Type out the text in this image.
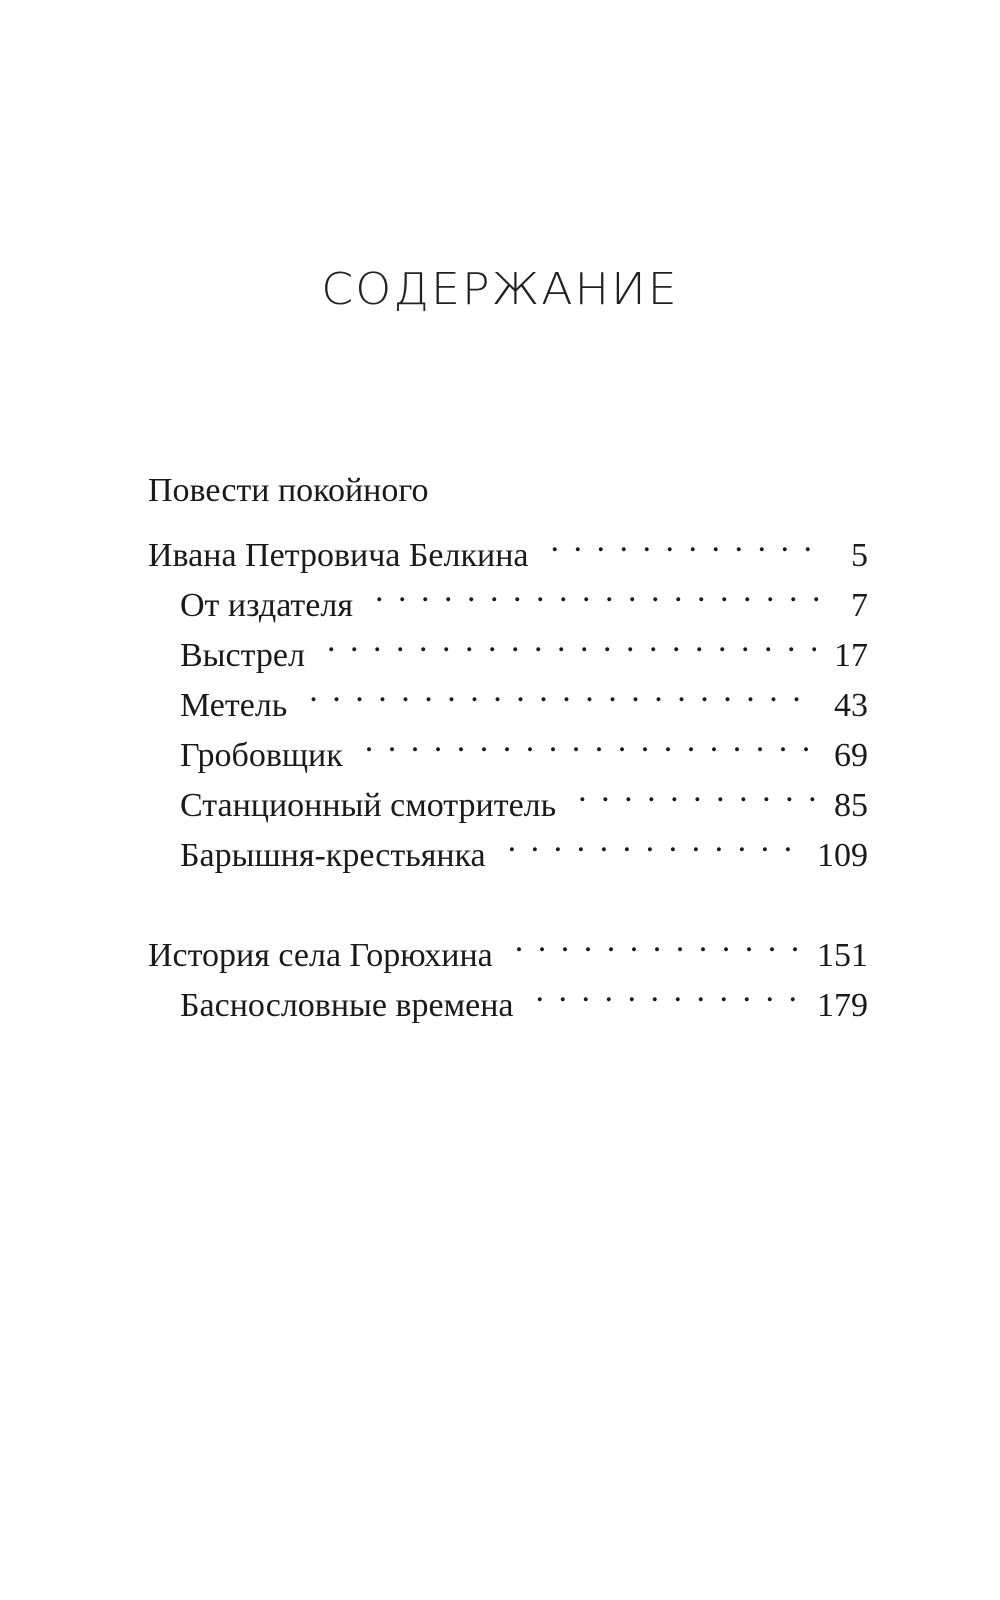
СОДЕРЖАНИЕ
Повести покойного
Ивана Петровича Белкина . . .	5
От издателя . . .	7
Выстрел . . .	17
Метель . . .	43
Гробовщик . . .	69
Станционный смотритель . . .	85
Барышня-крестьянка . . .	109
История села Горюхина . . .	151
Баснословные времена . . .	179
